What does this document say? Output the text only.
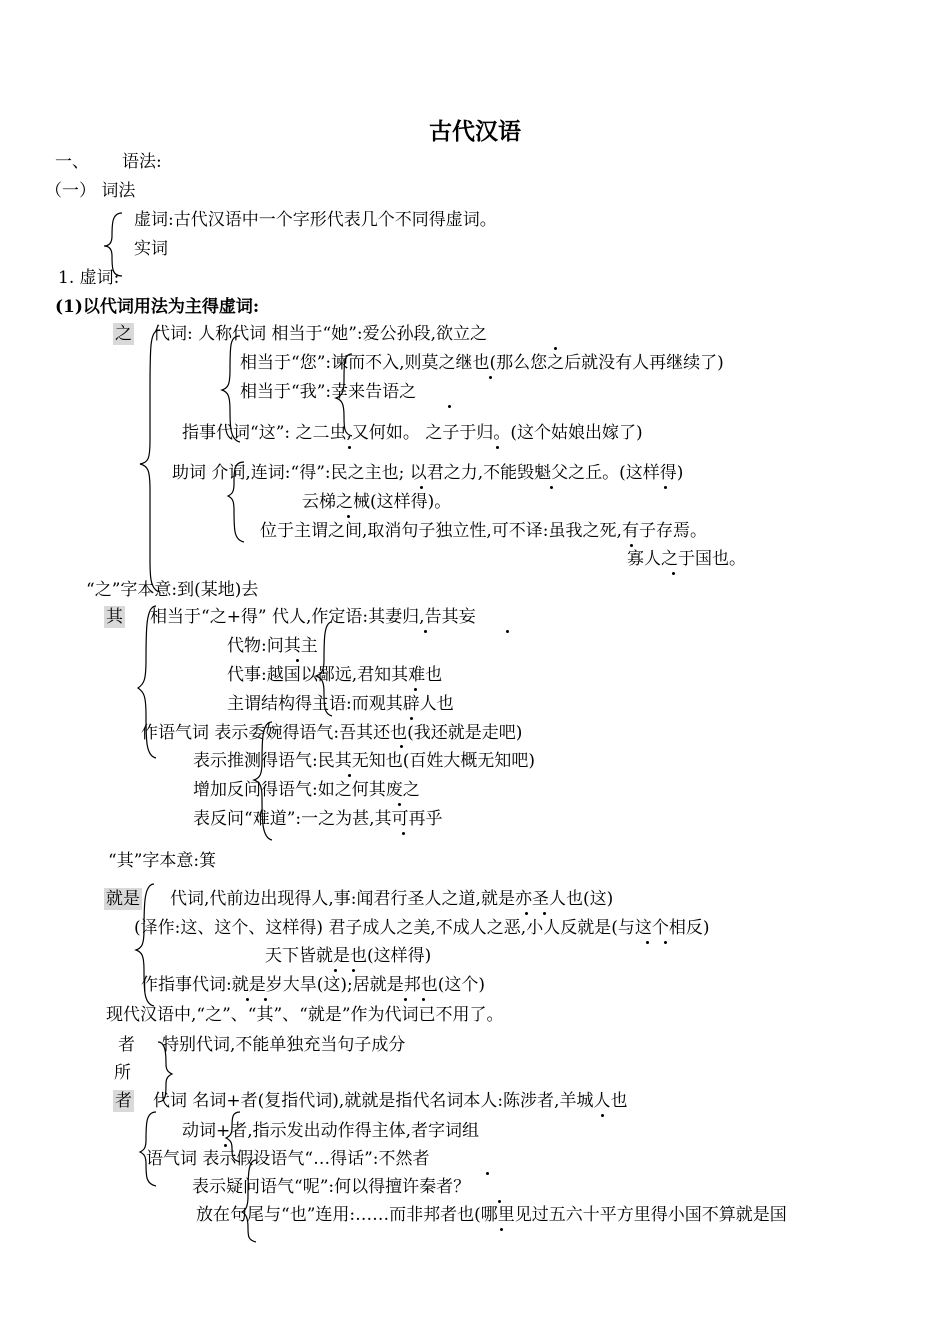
古代汉语
一、 语法:
（一） 词法
虚词:古代汉语中一个字形代表几个不同得虚词。
实词
1. 虚词:
(1)以代词用法为主得虚词:
之 代词: 人称代词 相当于“她”:爱公孙段,欲立之
相当于“您”:谏而不入,则莫之继也(那么您之后就没有人再继续了)
相当于“我”:幸来告语之
指事代词“这”: 之二虫,又何如。 之子于归。(这个姑娘出嫁了)
助词 介词,连词:“得”:民之主也; 以君之力,不能毁魁父之丘。(这样得)
云梯之械(这样得)。
位于主谓之间,取消句子独立性,可不译:虽我之死,有子存焉。
寡人之于国也。
“之”字本意:到(某地)去
其 相当于“之+得” 代人,作定语:其妻归,告其妄
代物:问其主
代事:越国以鄙远,君知其难也
主谓结构得主语:而观其辟人也
作语气词 表示委婉得语气:吾其还也(我还就是走吧)
表示推测得语气:民其无知也(百姓大概无知吧)
增加反问得语气:如之何其废之
表反问“难道”:一之为甚,其可再乎
“其”字本意:箕
就是 代词,代前边出现得人,事:闻君行圣人之道,就是亦圣人也(这)
(译作:这、这个、这样得) 君子成人之美,不成人之恶,小人反就是(与这个相反)
天下皆就是也(这样得)
作指事代词:就是岁大旱(这);居就是邦也(这个)
现代汉语中,“之”、“其”、“就是”作为代词已不用了。
者 特别代词,不能单独充当句子成分
所
者 代词 名词+者(复指代词),就就是指代名词本人:陈涉者,羊城人也
动词+者,指示发出动作得主体,者字词组
语气词 表示假设语气“…得话”:不然者
表示疑问语气“呢”:何以得擅许秦者？
放在句尾与“也”连用:……而非邦者也(哪里见过五六十平方里得小国不算就是国
